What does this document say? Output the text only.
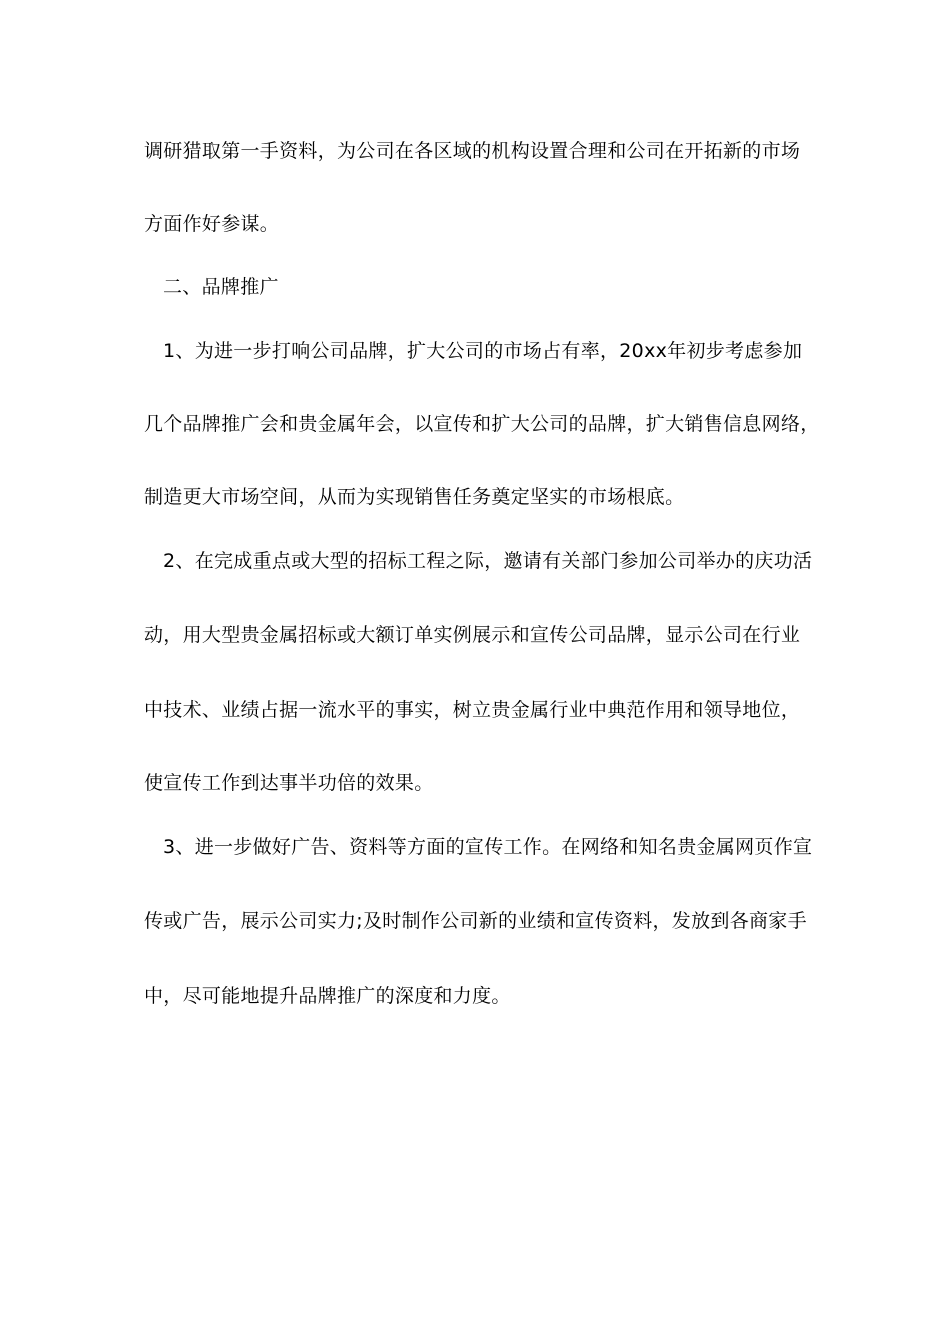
调研猎取第一手资料，为公司在各区域的机构设置合理和公司在开拓新的市场
方面作好参谋。
二、品牌推广
1、为进一步打响公司品牌，扩大公司的市场占有率，20xx年初步考虑参加
几个品牌推广会和贵金属年会，以宣传和扩大公司的品牌，扩大销售信息网络，
制造更大市场空间，从而为实现销售任务奠定坚实的市场根底。
2、在完成重点或大型的招标工程之际，邀请有关部门参加公司举办的庆功活
动，用大型贵金属招标或大额订单实例展示和宣传公司品牌，显示公司在行业
中技术、业绩占据一流水平的事实，树立贵金属行业中典范作用和领导地位，
使宣传工作到达事半功倍的效果。
3、进一步做好广告、资料等方面的宣传工作。在网络和知名贵金属网页作宣
传或广告，展示公司实力;及时制作公司新的业绩和宣传资料，发放到各商家手
中，尽可能地提升品牌推广的深度和力度。
